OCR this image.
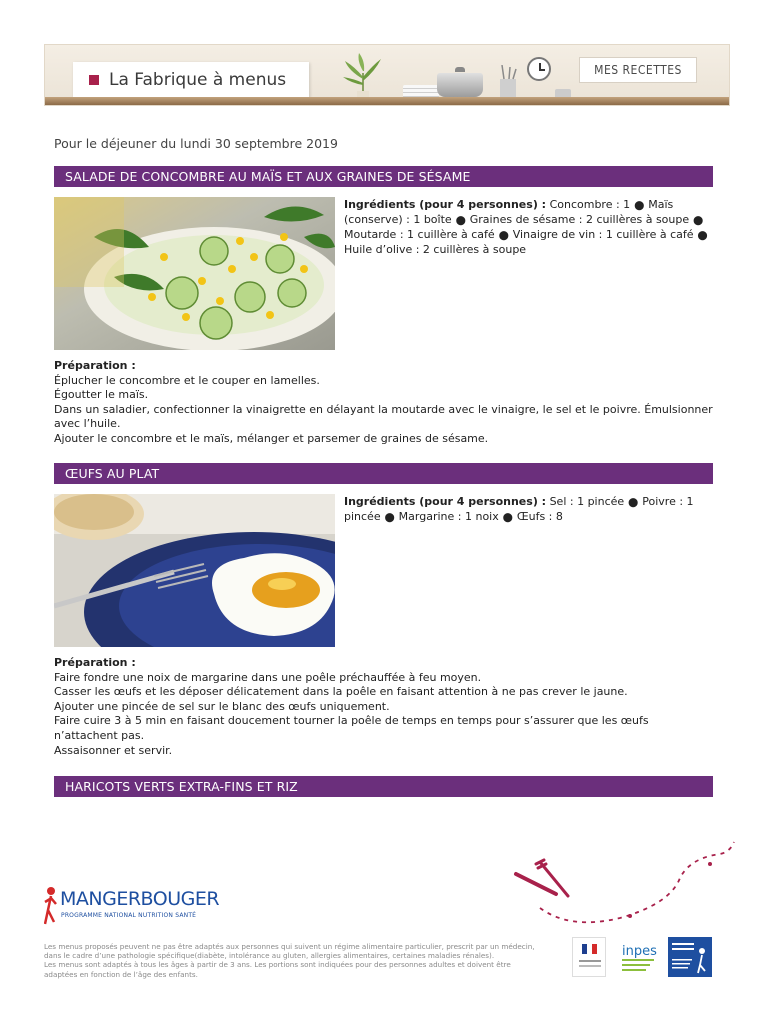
La Fabrique à menus	MES RECETTES
Pour le déjeuner du lundi 30 septembre 2019
SALADE DE CONCOMBRE AU MAÏS ET AUX GRAINES DE SÉSAME
Ingrédients (pour 4 personnes) : Concombre : 1 ⬤ Maïs (conserve) : 1 boîte ⬤ Graines de sésame : 2 cuillères à soupe ⬤Moutarde : 1 cuillère à café ⬤ Vinaigre de vin : 1 cuillère à café ⬤Huile d’olive : 2 cuillères à soupe
Préparation :
Éplucher le concombre et le couper en lamelles.
Égoutter le maïs.
Dans un saladier, confectionner la vinaigrette en délayant la moutarde avec le vinaigre, le sel et le poivre. Émulsionner avec l’huile.
Ajouter le concombre et le maïs, mélanger et parsemer de graines de sésame.
ŒUFS AU PLAT
Ingrédients (pour 4 personnes) : Sel : 1 pincée ⬤ Poivre : 1 pincée ⬤ Margarine : 1 noix ⬤ Œufs : 8
Préparation :
Faire fondre une noix de margarine dans une poêle préchauffée à feu moyen.
Casser les œufs et les déposer délicatement dans la poêle en faisant attention à ne pas crever le jaune.
Ajouter une pincée de sel sur le blanc des œufs uniquement.
Faire cuire 3 à 5 min en faisant doucement tourner la poêle de temps en temps pour s’assurer que les œufs n’attachent pas.
Assaisonner et servir.
HARICOTS VERTS EXTRA-FINS ET RIZ
MANGERBOUGER
PROGRAMME NATIONAL NUTRITION SANTÉ
Les menus proposés peuvent ne pas être adaptés aux personnes qui suivent un régime alimentaire particulier, prescrit par un médecin, dans le cadre d’une pathologie spécifique(diabète, intolérance au gluten, allergies alimentaires, certaines maladies rénales).
Les menus sont adaptés à tous les âges à partir de 3 ans. Les portions sont indiquées pour des personnes adultes et doivent être adaptées en fonction de l’âge des enfants.
inpes
